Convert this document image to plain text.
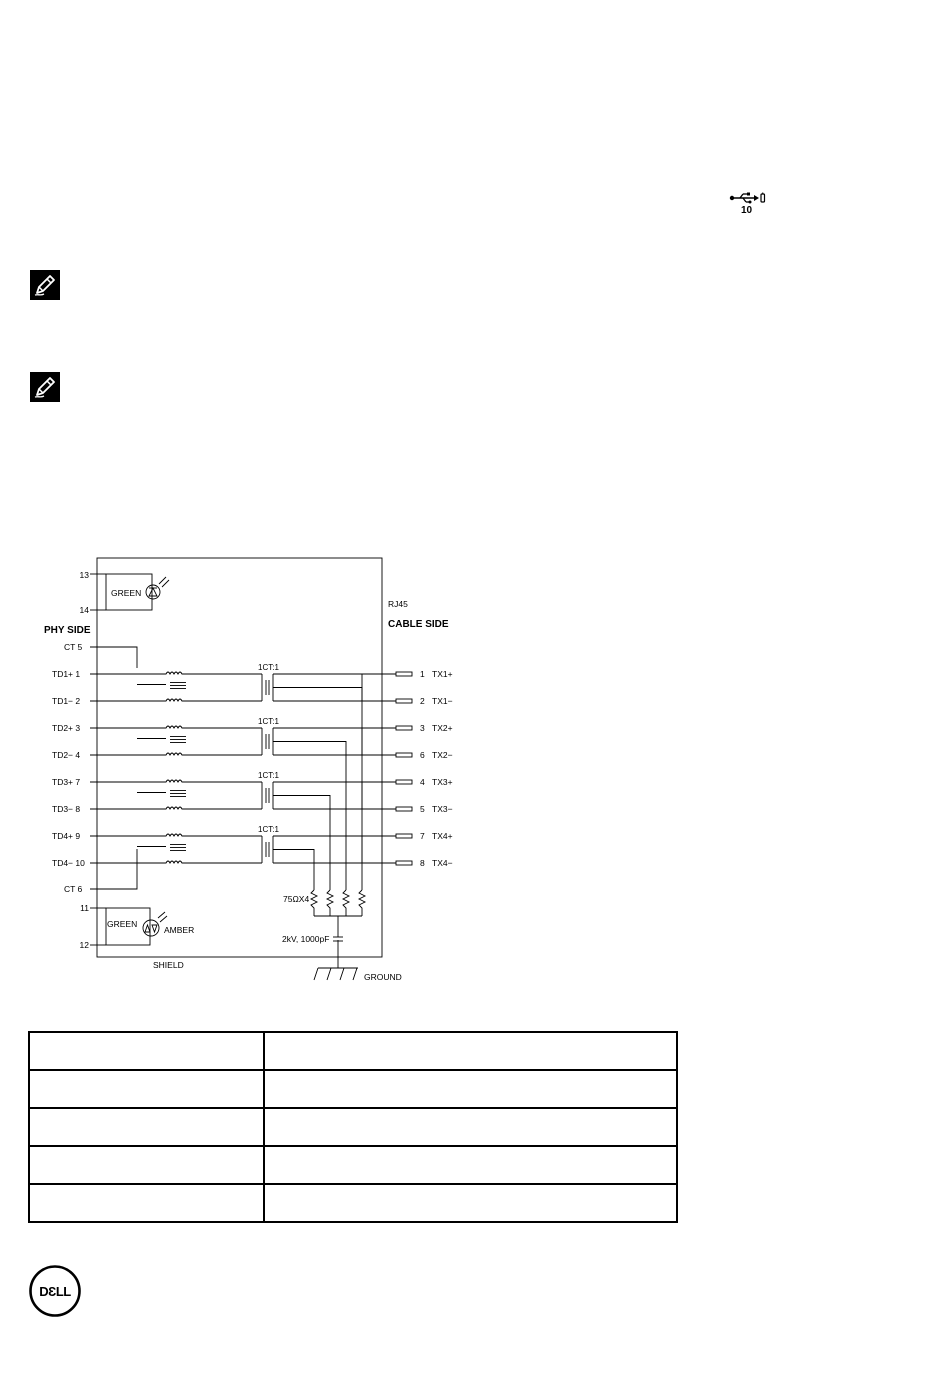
10
13
14
GREEN
RJ45
PHY SIDE
CABLE SIDE
CT 5
CT 6
11
12
GREEN
AMBER
75ΩX4
2kV, 1000pF
SHIELD
GROUND
TD1+ 1	1 TX1+
TD1− 2	2 TX1−
TD2+ 3	3 TX2+
TD2− 4	6 TX2−
TD3+ 7	4 TX3+
TD3− 8	5 TX3−
TD4+ 9	7 TX4+
TD4− 10	8 TX4−
1CT:1
1CT:1
1CT:1
1CT:1

DƐLL
